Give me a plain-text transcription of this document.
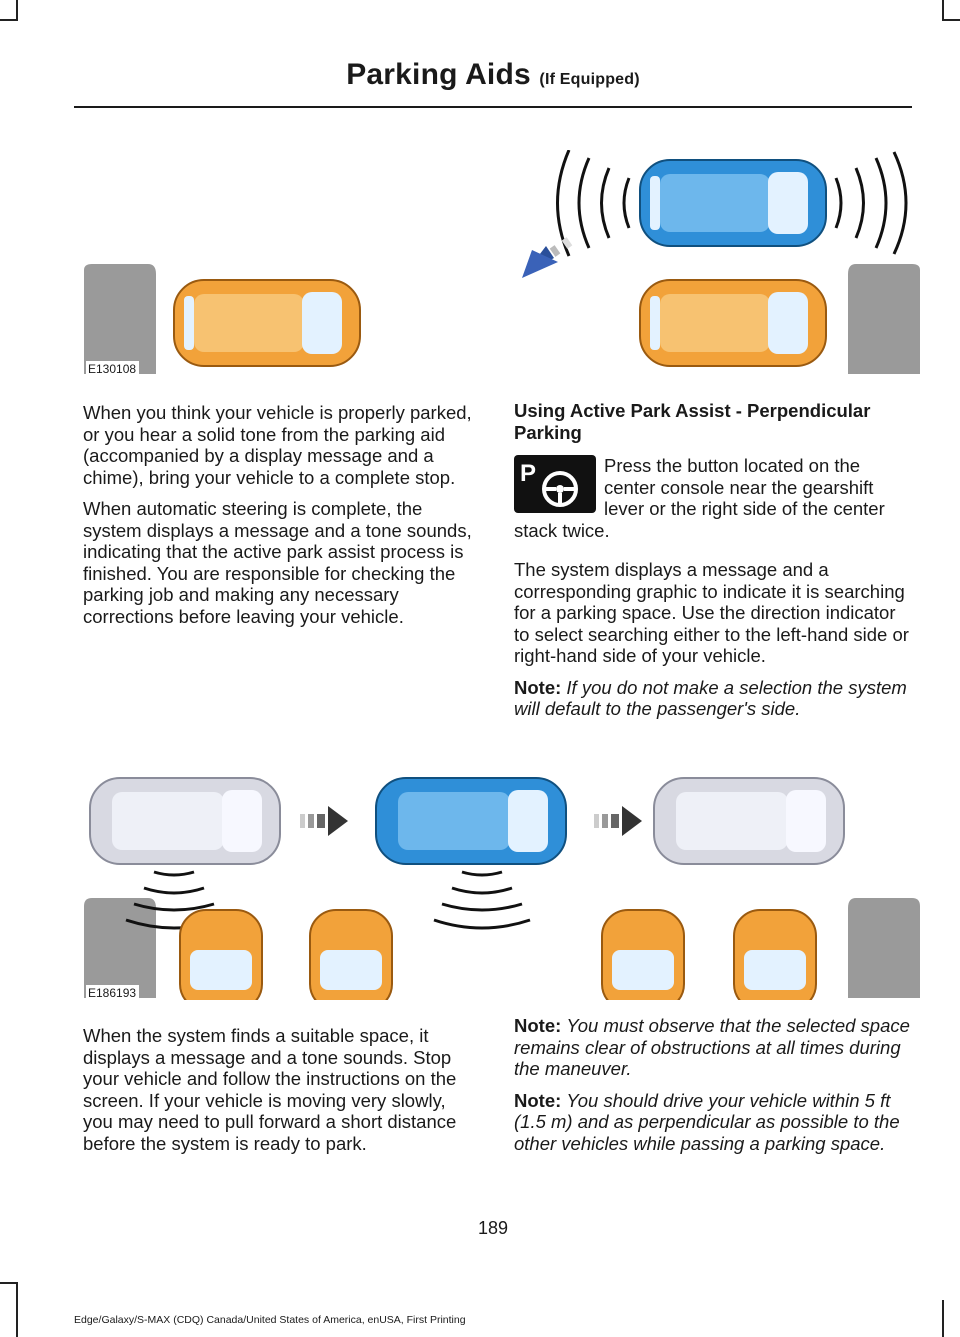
Parking Aids (If Equipped)
E130108

When you think your vehicle is properly parked, or you hear a solid tone from the parking aid (accompanied by a display message and a chime), bring your vehicle to a complete stop.

When automatic steering is complete, the system displays a message and a tone sounds, indicating that the active park assist process is finished. You are responsible for checking the parking job and making any necessary corrections before leaving your vehicle.

Using Active Park Assist - Perpendicular Parking
P	Press the button located on the center console near the gearshift lever or the right side of the center stack twice.

The system displays a message and a corresponding graphic to indicate it is searching for a parking space. Use the direction indicator to select searching either to the left-hand side or right-hand side of your vehicle.

Note: If you do not make a selection the system will default to the passenger's side.

E186193

When the system finds a suitable space, it displays a message and a tone sounds. Stop your vehicle and follow the instructions on the screen. If your vehicle is moving very slowly, you may need to pull forward a short distance before the system is ready to park.

Note: You must observe that the selected space remains clear of obstructions at all times during the maneuver.

Note: You should drive your vehicle within 5 ft (1.5 m) and as perpendicular as possible to the other vehicles while passing a parking space.

189
Edge/Galaxy/S-MAX (CDQ) Canada/United States of America, enUSA, First Printing
